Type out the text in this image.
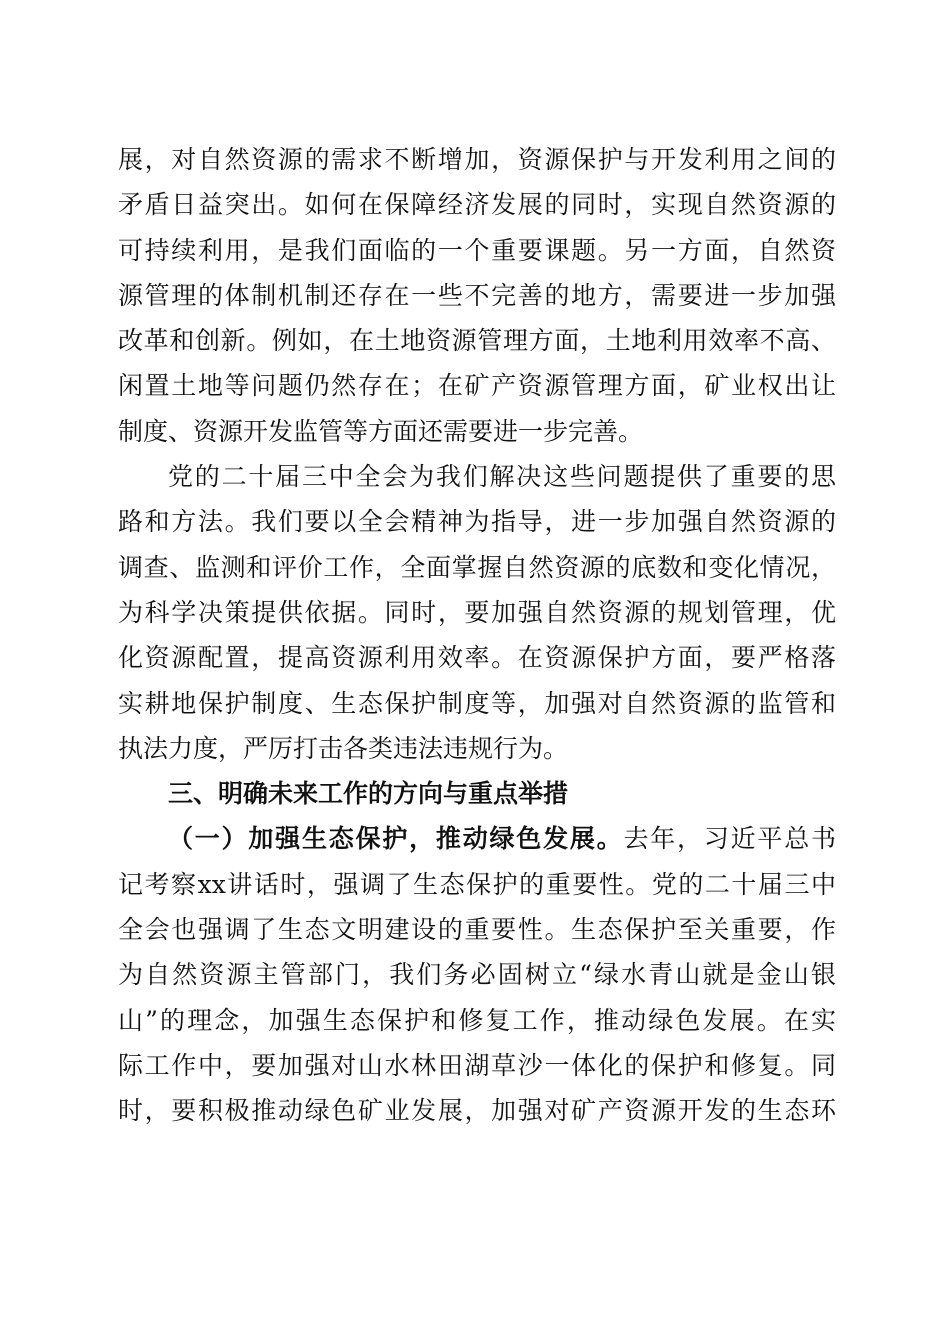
展，对自然资源的需求不断增加，资源保护与开发利用之间的
矛盾日益突出。如何在保障经济发展的同时，实现自然资源的
可持续利用，是我们面临的一个重要课题。另一方面，自然资
源管理的体制机制还存在一些不完善的地方，需要进一步加强
改革和创新。例如，在土地资源管理方面，土地利用效率不高、
闲置土地等问题仍然存在；在矿产资源管理方面，矿业权出让
制度、资源开发监管等方面还需要进一步完善。
党的二十届三中全会为我们解决这些问题提供了重要的思
路和方法。我们要以全会精神为指导，进一步加强自然资源的
调查、监测和评价工作，全面掌握自然资源的底数和变化情况，
为科学决策提供依据。同时，要加强自然资源的规划管理，优
化资源配置，提高资源利用效率。在资源保护方面，要严格落
实耕地保护制度、生态保护制度等，加强对自然资源的监管和
执法力度，严厉打击各类违法违规行为。
三、明确未来工作的方向与重点举措
（一）加强生态保护，推动绿色发展。去年，习近平总书
记考察xx讲话时，强调了生态保护的重要性。党的二十届三中
全会也强调了生态文明建设的重要性。生态保护至关重要，作
为自然资源主管部门，我们务必固树立“绿水青山就是金山银
山”的理念，加强生态保护和修复工作，推动绿色发展。在实
际工作中，要加强对山水林田湖草沙一体化的保护和修复。同
时，要积极推动绿色矿业发展，加强对矿产资源开发的生态环
